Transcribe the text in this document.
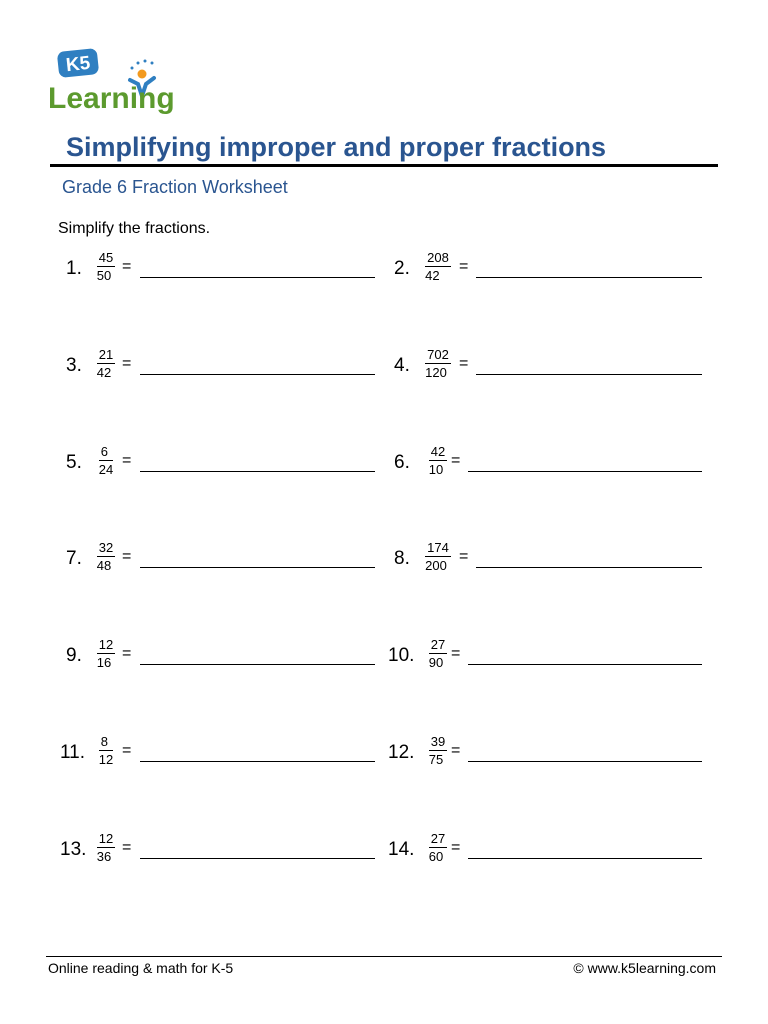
K5
Learning
Simplifying improper and proper fractions
Grade 6 Fraction Worksheet
Simplify the fractions.
1. $\frac{45}{50}$ =	2. $\frac{208}{42}$ =
3. $\frac{21}{42}$ =	4. $\frac{702}{120}$ =
5. $\frac{6}{24}$ =	6. $\frac{42}{10}$ =
7. $\frac{32}{48}$ =	8. $\frac{174}{200}$ =
9. $\frac{12}{16}$ =	10. $\frac{27}{90}$ =
11. $\frac{8}{12}$ =	12. $\frac{39}{75}$ =
13. $\frac{12}{36}$ =	14. $\frac{27}{60}$ =
Online reading & math for K-5	© www.k5learning.com
